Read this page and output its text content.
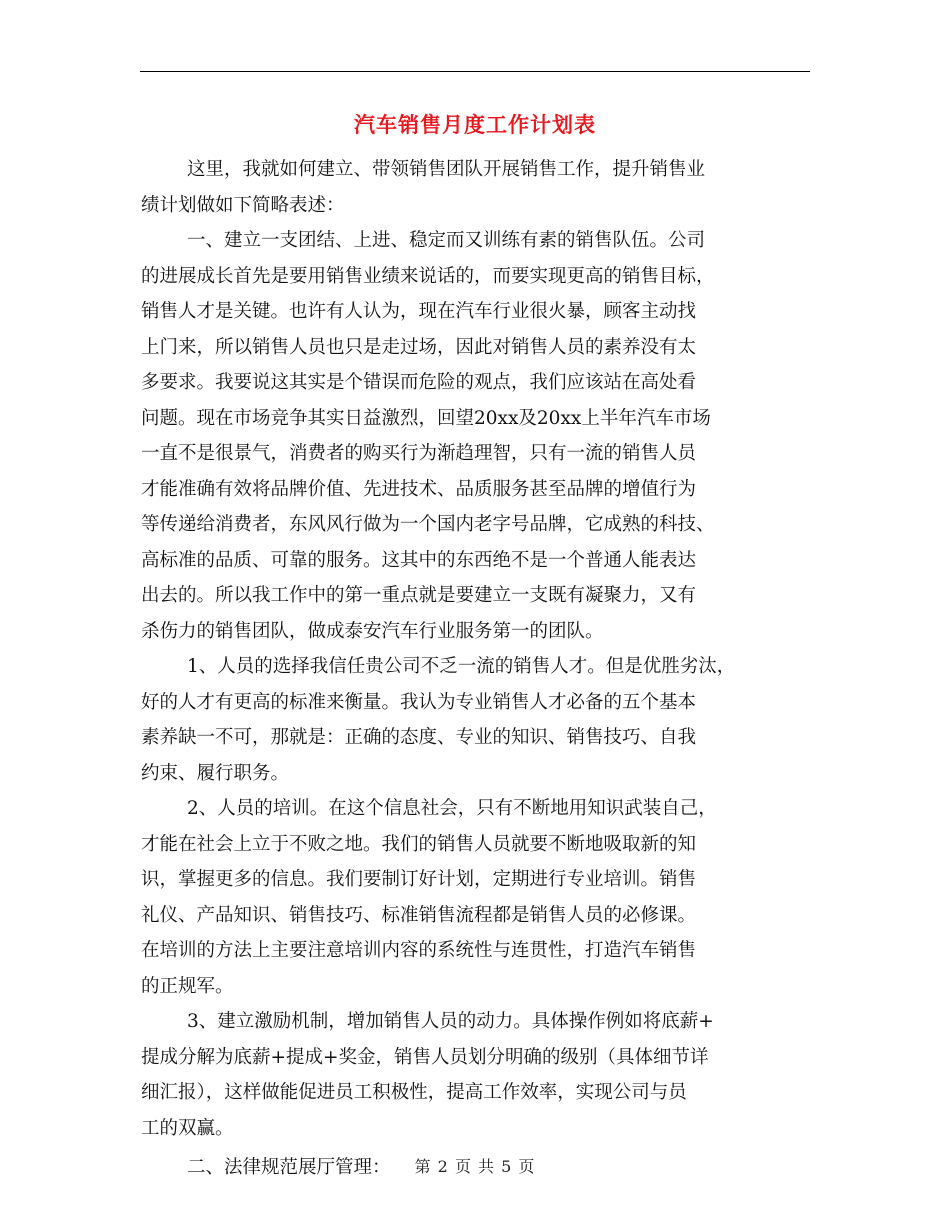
汽车销售月度工作计划表

这里，我就如何建立、带领销售团队开展销售工作，提升销售业
绩计划做如下简略表述：

一、建立一支团结、上进、稳定而又训练有素的销售队伍。公司
的进展成长首先是要用销售业绩来说话的，而要实现更高的销售目标，
销售人才是关键。也许有人认为，现在汽车行业很火暴，顾客主动找
上门来，所以销售人员也只是走过场，因此对销售人员的素养没有太
多要求。我要说这其实是个错误而危险的观点，我们应该站在高处看
问题。现在市场竞争其实日益激烈，回望20xx及20xx上半年汽车市场
一直不是很景气，消费者的购买行为渐趋理智，只有一流的销售人员
才能准确有效将品牌价值、先进技术、品质服务甚至品牌的增值行为
等传递给消费者，东风风行做为一个国内老字号品牌，它成熟的科技、
高标准的品质、可靠的服务。这其中的东西绝不是一个普通人能表达
出去的。所以我工作中的第一重点就是要建立一支既有凝聚力，又有
杀伤力的销售团队，做成泰安汽车行业服务第一的团队。

1、人员的选择我信任贵公司不乏一流的销售人才。但是优胜劣汰，
好的人才有更高的标准来衡量。我认为专业销售人才必备的五个基本
素养缺一不可，那就是：正确的态度、专业的知识、销售技巧、自我
约束、履行职务。

2、人员的培训。在这个信息社会，只有不断地用知识武装自己，
才能在社会上立于不败之地。我们的销售人员就要不断地吸取新的知
识，掌握更多的信息。我们要制订好计划，定期进行专业培训。销售
礼仪、产品知识、销售技巧、标准销售流程都是销售人员的必修课。
在培训的方法上主要注意培训内容的系统性与连贯性，打造汽车销售
的正规军。

3、建立激励机制，增加销售人员的动力。具体操作例如将底薪+
提成分解为底薪+提成+奖金，销售人员划分明确的级别（具体细节详
细汇报），这样做能促进员工积极性，提高工作效率，实现公司与员
工的双赢。

二、法律规范展厅管理：	第 2 页 共 5 页
